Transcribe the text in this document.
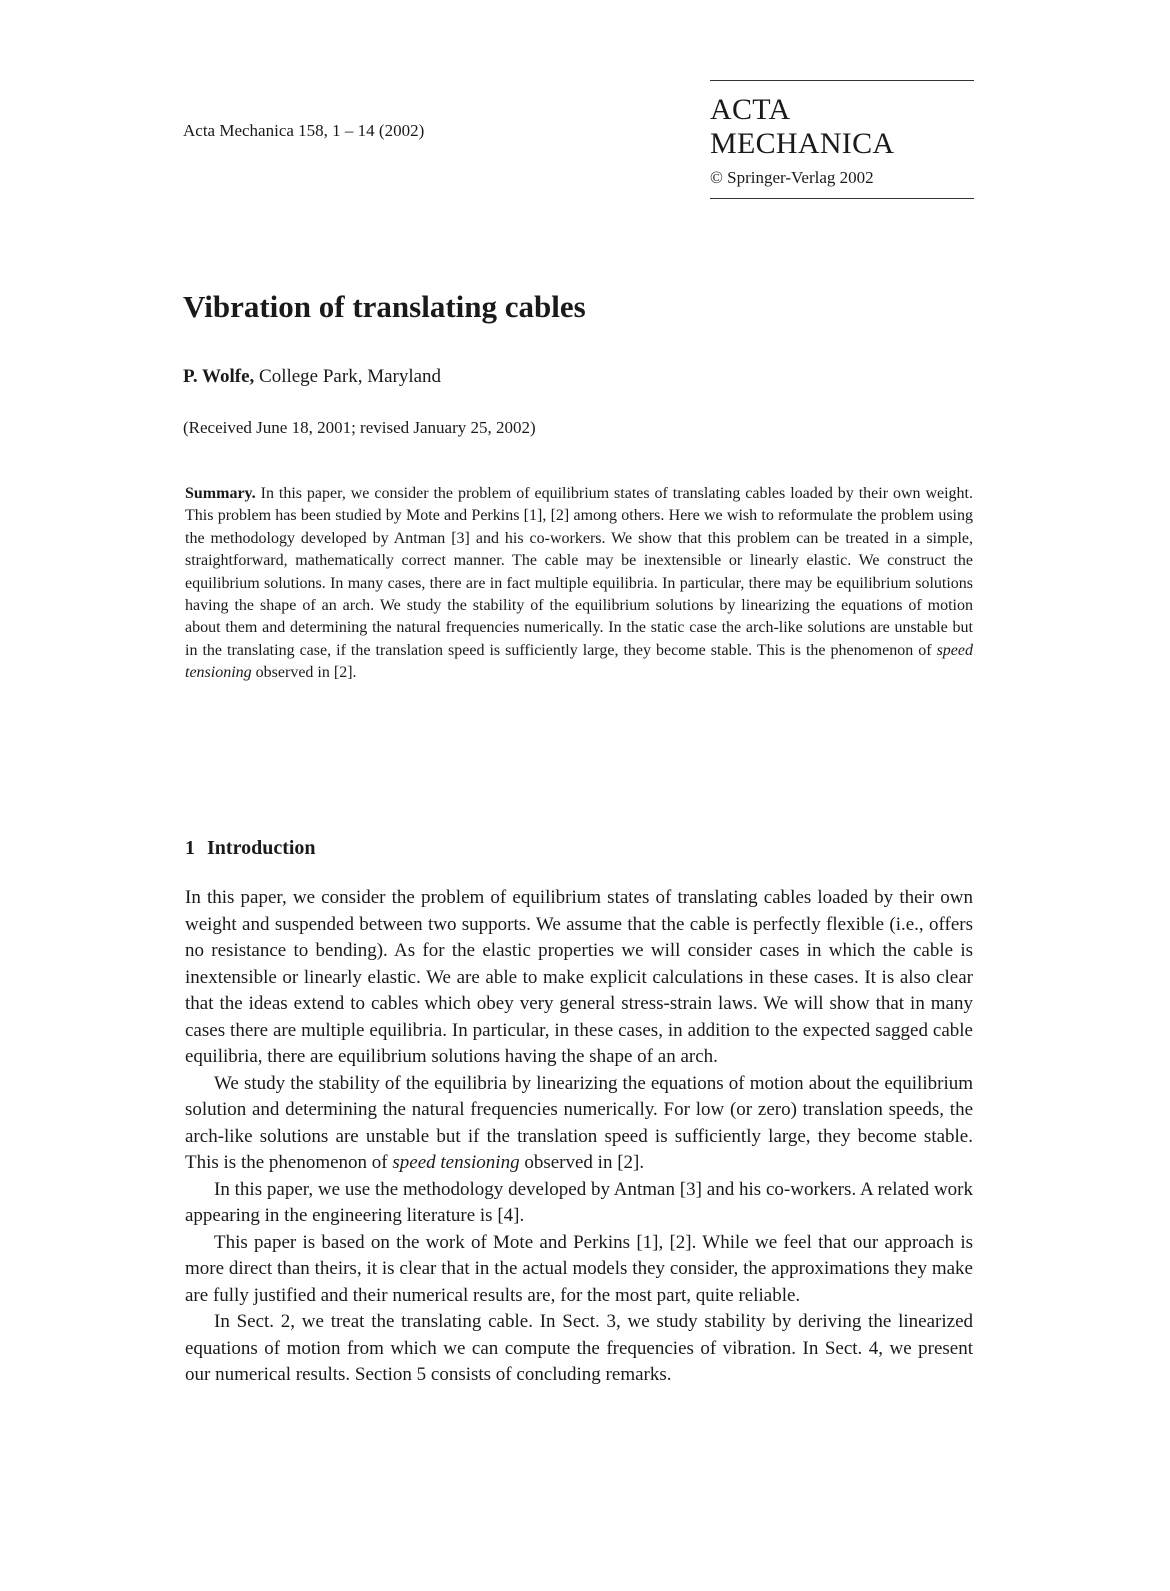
Acta Mechanica 158, 1 – 14 (2002)
ACTA MECHANICA
© Springer-Verlag 2002
Vibration of translating cables
P. Wolfe, College Park, Maryland
(Received June 18, 2001; revised January 25, 2002)

Summary. In this paper, we consider the problem of equilibrium states of translating cables loaded by their own weight. This problem has been studied by Mote and Perkins [1], [2] among others. Here we wish to reformulate the problem using the methodology developed by Antman [3] and his co-workers. We show that this problem can be treated in a simple, straightforward, mathematically correct manner. The cable may be inextensible or linearly elastic. We construct the equilibrium solutions. In many cases, there are in fact multiple equilibria. In particular, there may be equilibrium solutions having the shape of an arch. We study the stability of the equilibrium solutions by linearizing the equations of motion about them and determining the natural frequencies numerically. In the static case the arch-like solutions are unstable but in the translating case, if the translation speed is sufficiently large, they become stable. This is the phenomenon of speed tensioning observed in [2].

1 Introduction

In this paper, we consider the problem of equilibrium states of translating cables loaded by their own weight and suspended between two supports. We assume that the cable is perfectly flexible (i.e., offers no resistance to bending). As for the elastic properties we will consider cases in which the cable is inextensible or linearly elastic. We are able to make explicit calculations in these cases. It is also clear that the ideas extend to cables which obey very general stress-strain laws. We will show that in many cases there are multiple equilibria. In particular, in these cases, in addition to the expected sagged cable equilibria, there are equilibrium solutions having the shape of an arch.

We study the stability of the equilibria by linearizing the equations of motion about the equilibrium solution and determining the natural frequencies numerically. For low (or zero) translation speeds, the arch-like solutions are unstable but if the translation speed is sufficiently large, they become stable. This is the phenomenon of speed tensioning observed in [2].

In this paper, we use the methodology developed by Antman [3] and his co-workers. A related work appearing in the engineering literature is [4].

This paper is based on the work of Mote and Perkins [1], [2]. While we feel that our approach is more direct than theirs, it is clear that in the actual models they consider, the approximations they make are fully justified and their numerical results are, for the most part, quite reliable.

In Sect. 2, we treat the translating cable. In Sect. 3, we study stability by deriving the linearized equations of motion from which we can compute the frequencies of vibration. In Sect. 4, we present our numerical results. Section 5 consists of concluding remarks.
